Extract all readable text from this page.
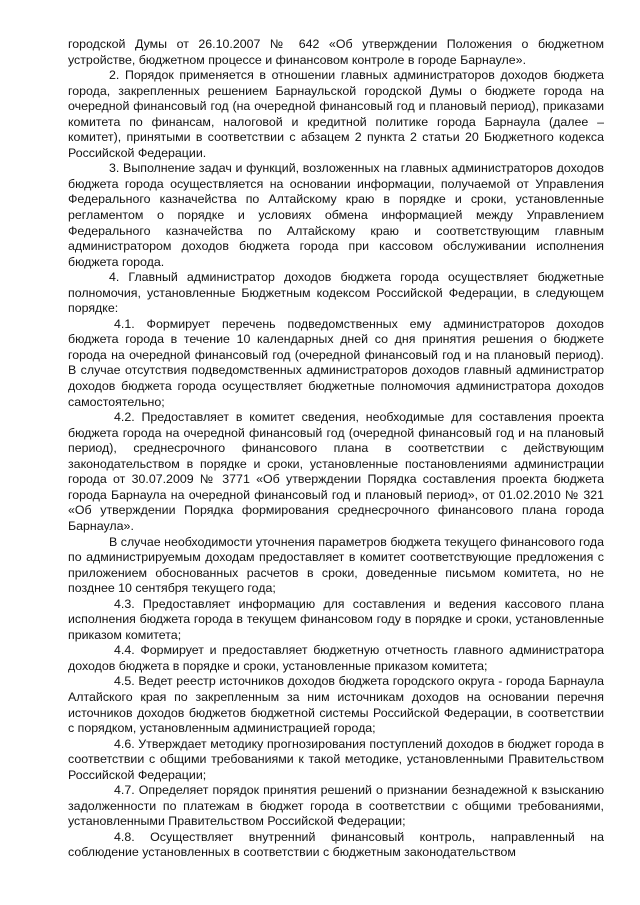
городской Думы от 26.10.2007 № 642 «Об утверждении Положения о бюджетном устройстве, бюджетном процессе и финансовом контроле в городе Барнауле».

2. Порядок применяется в отношении главных администраторов доходов бюджета города, закрепленных решением Барнаульской городской Думы о бюджете города на очередной финансовый год (на очередной финансовый год и плановый период), приказами комитета по финансам, налоговой и кредитной политике города Барнаула (далее – комитет), принятыми в соответствии с абзацем 2 пункта 2 статьи 20 Бюджетного кодекса Российской Федерации.

3. Выполнение задач и функций, возложенных на главных администраторов доходов бюджета города осуществляется на основании информации, получаемой от Управления Федерального казначейства по Алтайскому краю в порядке и сроки, установленные регламентом о порядке и условиях обмена информацией между Управлением Федерального казначейства по Алтайскому краю и соответствующим главным администратором доходов бюджета города при кассовом обслуживании исполнения бюджета города.

4. Главный администратор доходов бюджета города осуществляет бюджетные полномочия, установленные Бюджетным кодексом Российской Федерации, в следующем порядке:

4.1. Формирует перечень подведомственных ему администраторов доходов бюджета города в течение 10 календарных дней со дня принятия решения о бюджете города на очередной финансовый год (очередной финансовый год и на плановый период). В случае отсутствия подведомственных администраторов доходов главный администратор доходов бюджета города осуществляет бюджетные полномочия администратора доходов самостоятельно;

4.2. Предоставляет в комитет сведения, необходимые для составления проекта бюджета города на очередной финансовый год (очередной финансовый год и на плановый период), среднесрочного финансового плана в соответствии с действующим законодательством в порядке и сроки, установленные постановлениями администрации города от 30.07.2009 № 3771 «Об утверждении Порядка составления проекта бюджета города Барнаула на очередной финансовый год и плановый период», от 01.02.2010 № 321 «Об утверждении Порядка формирования среднесрочного финансового плана города Барнаула».

В случае необходимости уточнения параметров бюджета текущего финансового года по администрируемым доходам предоставляет в комитет соответствующие предложения с приложением обоснованных расчетов в сроки, доведенные письмом комитета, но не позднее 10 сентября текущего года;

4.3. Предоставляет информацию для составления и ведения кассового плана исполнения бюджета города в текущем финансовом году в порядке и сроки, установленные приказом комитета;

4.4. Формирует и предоставляет бюджетную отчетность главного администратора доходов бюджета в порядке и сроки, установленные приказом комитета;

4.5. Ведет реестр источников доходов бюджета городского округа - города Барнаула Алтайского края по закрепленным за ним источникам доходов на основании перечня источников доходов бюджетов бюджетной системы Российской Федерации, в соответствии с порядком, установленным администрацией города;

4.6. Утверждает методику прогнозирования поступлений доходов в бюджет города в соответствии с общими требованиями к такой методике, установленными Правительством Российской Федерации;

4.7. Определяет порядок принятия решений о признании безнадежной к взысканию задолженности по платежам в бюджет города в соответствии с общими требованиями, установленными Правительством Российской Федерации;

4.8. Осуществляет внутренний финансовый контроль, направленный на соблюдение установленных в соответствии с бюджетным законодательством
